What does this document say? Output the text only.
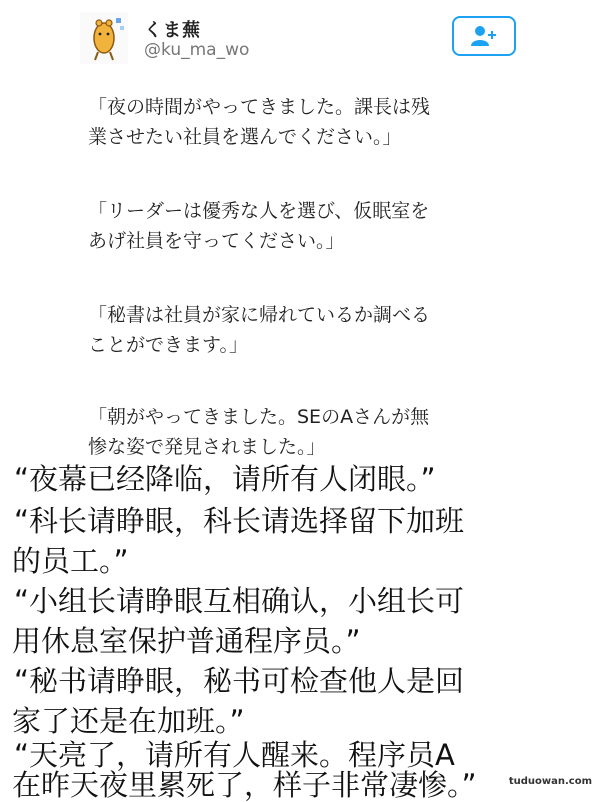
くま蕪
@ku_ma_wo
「夜の時間がやってきました。課長は残
業させたい社員を選んでください。」
「リーダーは優秀な人を選び、仮眠室を
あげ社員を守ってください。」
「秘書は社員が家に帰れているか調べる
ことができます。」
「朝がやってきました。SEのAさんが無
惨な姿で発見されました。」
“夜幕已经降临，请所有人闭眼。”
“科长请睁眼，科长请选择留下加班
的员工。”
“小组长请睁眼互相确认，小组长可
用休息室保护普通程序员。”
“秘书请睁眼，秘书可检查他人是回
家了还是在加班。”
“天亮了，请所有人醒来。程序员A
在昨天夜里累死了，样子非常凄惨。”	tuduowan.com
